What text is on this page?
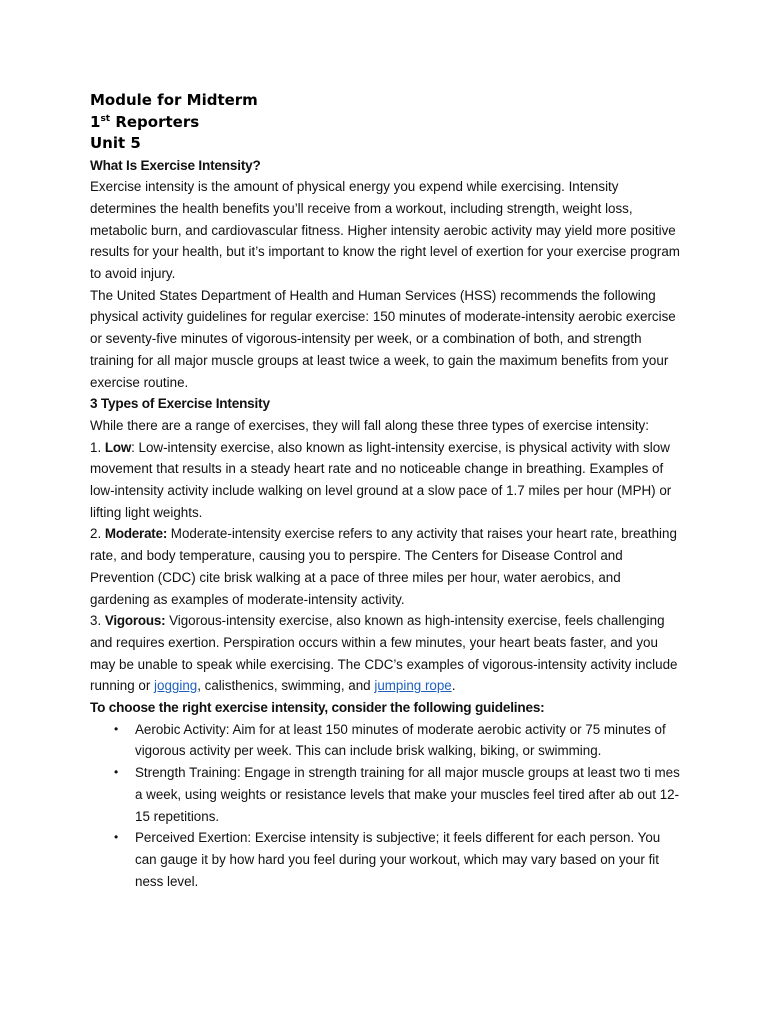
Module for Midterm
1st Reporters
Unit 5
What Is Exercise Intensity?

Exercise intensity is the amount of physical energy you expend while exercising. Intensity determines the health benefits you’ll receive from a workout, including strength, weight loss, metabolic burn, and cardiovascular fitness. Higher intensity aerobic activity may yield more positive results for your health, but it’s important to know the right level of exertion for your exercise program to avoid injury.

The United States Department of Health and Human Services (HSS) recommends the following physical activity guidelines for regular exercise: 150 minutes of moderate-intensity aerobic exercise or seventy-five minutes of vigorous-intensity per week, or a combination of both, and strength training for all major muscle groups at least twice a week, to gain the maximum benefits from your exercise routine.

3 Types of Exercise Intensity

While there are a range of exercises, they will fall along these three types of exercise intensity:

1. Low: Low-intensity exercise, also known as light-intensity exercise, is physical activity with slow movement that results in a steady heart rate and no noticeable change in breathing. Examples of low-intensity activity include walking on level ground at a slow pace of 1.7 miles per hour (MPH) or lifting light weights.

2. Moderate: Moderate-intensity exercise refers to any activity that raises your heart rate, breathing rate, and body temperature, causing you to perspire. The Centers for Disease Control and Prevention (CDC) cite brisk walking at a pace of three miles per hour, water aerobics, and gardening as examples of moderate-intensity activity.

3. Vigorous: Vigorous-intensity exercise, also known as high-intensity exercise, feels challenging and requires exertion. Perspiration occurs within a few minutes, your heart beats faster, and you may be unable to speak while exercising. The CDC’s examples of vigorous-intensity activity include running or jogging, calisthenics, swimming, and jumping rope.

To choose the right exercise intensity, consider the following guidelines:
• Aerobic Activity: Aim for at least 150 minutes of moderate aerobic activity or 75 minutes of vigorous activity per week. This can include brisk walking, biking, or swimming.
• Strength Training: Engage in strength training for all major muscle groups at least two ti mes a week, using weights or resistance levels that make your muscles feel tired after ab out 12-15 repetitions.
• Perceived Exertion: Exercise intensity is subjective; it feels different for each person. You can gauge it by how hard you feel during your workout, which may vary based on your fit ness level.
